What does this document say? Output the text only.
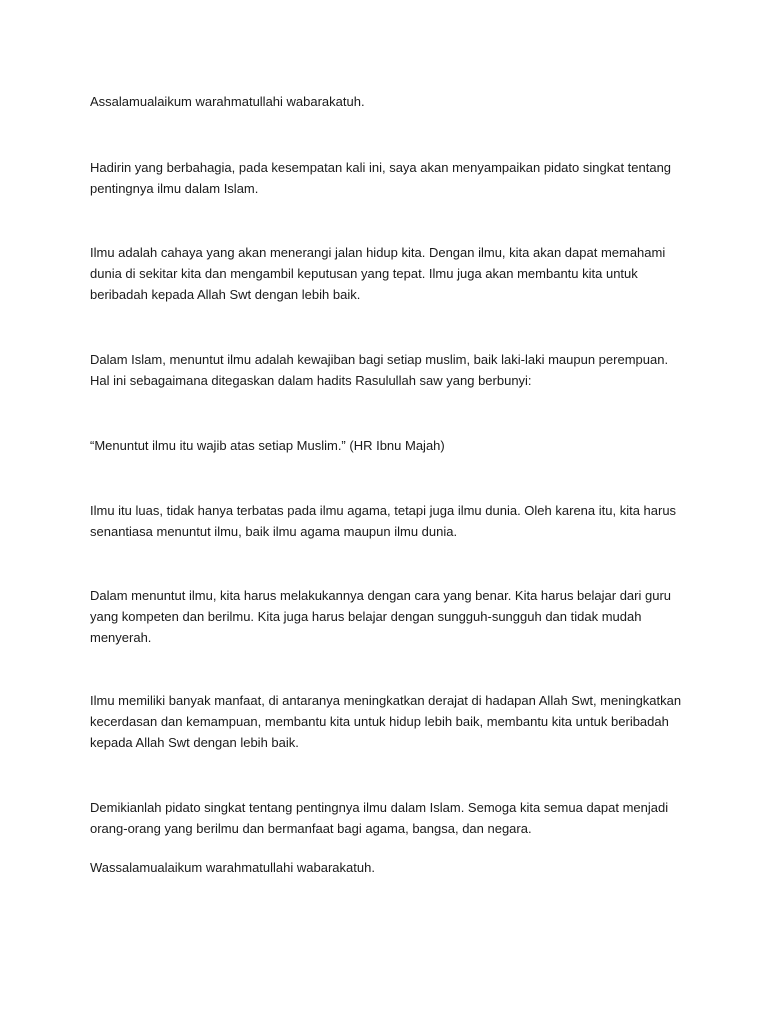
Assalamualaikum warahmatullahi wabarakatuh.

Hadirin yang berbahagia, pada kesempatan kali ini, saya akan menyampaikan pidato singkat tentang pentingnya ilmu dalam Islam.

Ilmu adalah cahaya yang akan menerangi jalan hidup kita. Dengan ilmu, kita akan dapat memahami dunia di sekitar kita dan mengambil keputusan yang tepat. Ilmu juga akan membantu kita untuk beribadah kepada Allah Swt dengan lebih baik.

Dalam Islam, menuntut ilmu adalah kewajiban bagi setiap muslim, baik laki-laki maupun perempuan. Hal ini sebagaimana ditegaskan dalam hadits Rasulullah saw yang berbunyi:

“Menuntut ilmu itu wajib atas setiap Muslim.” (HR Ibnu Majah)

Ilmu itu luas, tidak hanya terbatas pada ilmu agama, tetapi juga ilmu dunia. Oleh karena itu, kita harus senantiasa menuntut ilmu, baik ilmu agama maupun ilmu dunia.

Dalam menuntut ilmu, kita harus melakukannya dengan cara yang benar. Kita harus belajar dari guru yang kompeten dan berilmu. Kita juga harus belajar dengan sungguh-sungguh dan tidak mudah menyerah.

Ilmu memiliki banyak manfaat, di antaranya meningkatkan derajat di hadapan Allah Swt, meningkatkan kecerdasan dan kemampuan, membantu kita untuk hidup lebih baik, membantu kita untuk beribadah kepada Allah Swt dengan lebih baik.

Demikianlah pidato singkat tentang pentingnya ilmu dalam Islam. Semoga kita semua dapat menjadi orang-orang yang berilmu dan bermanfaat bagi agama, bangsa, dan negara.

Wassalamualaikum warahmatullahi wabarakatuh.
